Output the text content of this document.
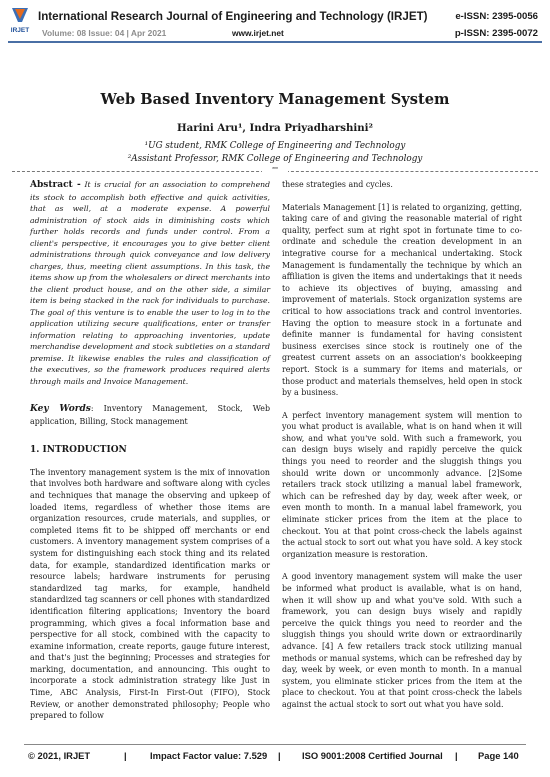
IRJET
International Research Journal of Engineering and Technology (IRJET)	e-ISSN: 2395-0056
Volume: 08 Issue: 04 | Apr 2021	www.irjet.net	p-ISSN: 2395-0072
Web Based Inventory Management System
Harini Aru¹, Indra Priyadharshini²
¹UG student, RMK College of Engineering and Technology
²Assistant Professor, RMK College of Engineering and Technology
***

Abstract - It is crucial for an association to comprehend its stock to accomplish both effective and quick activities, that as well, at a moderate expense. A powerful administration of stock aids in diminishing costs which further holds records and funds under control. From a client's perspective, it encourages you to give better client administrations through quick conveyance and low delivery charges, thus, meeting client assumptions. In this task, the items show up from the wholesalers or direct merchants into the client product house, and on the other side, a similar item is being stacked in the rack for individuals to purchase. The goal of this venture is to enable the user to log in to the application utilizing secure qualifications, enter or transfer information relating to approaching inventories, update merchandise development and stock subtleties on a standard premise. It likewise enables the rules and classification of the executives, so the framework produces required alerts through mails and Invoice Management.

Key Words: Inventory Management, Stock, Web application, Billing, Stock management

1. INTRODUCTION

The inventory management system is the mix of innovation that involves both hardware and software along with cycles and techniques that manage the observing and upkeep of loaded items, regardless of whether those items are organization resources, crude materials, and supplies, or completed items fit to be shipped off merchants or end customers. A inventory management system comprises of a system for distinguishing each stock thing and its related data, for example, standardized identification marks or resource labels; hardware instruments for perusing standardized tag marks, for example, handheld standardized tag scanners or cell phones with standardized identification filtering applications; Inventory the board programming, which gives a focal information base and perspective for all stock, combined with the capacity to examine information, create reports, gauge future interest, and that's just the beginning; Processes and strategies for marking, documentation, and announcing. This ought to incorporate a stock administration strategy like Just in Time, ABC Analysis, First-In First-Out (FIFO), Stock Review, or another demonstrated philosophy; People who prepared to follow

these strategies and cycles.

Materials Management [1] is related to organizing, getting, taking care of and giving the reasonable material of right quality, perfect sum at right spot in fortunate time to co-ordinate and schedule the creation development in an integrative course for a mechanical undertaking. Stock Management is fundamentally the technique by which an affiliation is given the items and undertakings that it needs to achieve its objectives of buying, amassing and improvement of materials. Stock organization systems are critical to how associations track and control inventories. Having the option to measure stock in a fortunate and definite manner is fundamental for having consistent business exercises since stock is routinely one of the greatest current assets on an association's bookkeeping report. Stock is a summary for items and materials, or those product and materials themselves, held open in stock by a business.

A perfect inventory management system will mention to you what product is available, what is on hand when it will show, and what you've sold. With such a framework, you can design buys wisely and rapidly perceive the quick things you need to reorder and the sluggish things you should write down or uncommonly advance. [2]Some retailers track stock utilizing a manual label framework, which can be refreshed day by day, week after week, or even month to month. In a manual label framework, you eliminate sticker prices from the item at the place to checkout. You at that point cross-check the labels against the actual stock to sort out what you have sold. A key stock organization measure is restoration.

A good inventory management system will make the user be informed what product is available, what is on hand, when it will show up and what you've sold. With such a framework, you can design buys wisely and rapidly perceive the quick things you need to reorder and the sluggish things you should write down or extraordinarily advance. [4] A few retailers track stock utilizing manual methods or manual systems, which can be refreshed day by day, week by week, or even month to month. In a manual system, you eliminate sticker prices from the item at the place to checkout. You at that point cross-check the labels against the actual stock to sort out what you have sold.

© 2021, IRJET	| Impact Factor value: 7.529 | ISO 9001:2008 Certified Journal | Page 140
